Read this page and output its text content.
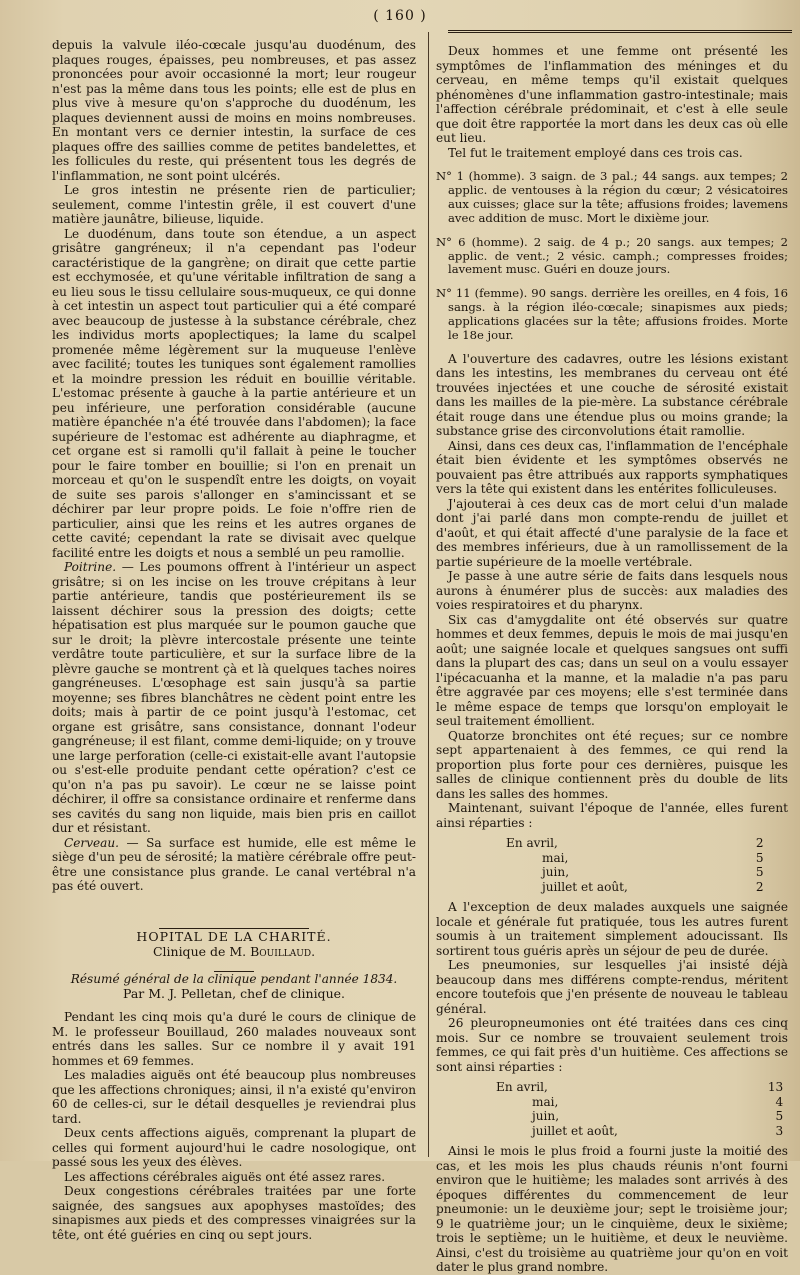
( 160 )

depuis la valvule iléo-cœcale jusqu'au duodénum, des plaques rouges, épaisses, peu nombreuses, et pas assez prononcées pour avoir occasionné la mort; leur rougeur n'est pas la même dans tous les points; elle est de plus en plus vive à mesure qu'on s'approche du duodénum, les plaques deviennent aussi de moins en moins nombreuses. En montant vers ce dernier intestin, la surface de ces plaques offre des saillies comme de petites bandelettes, et les follicules du reste, qui présentent tous les degrés de l'inflammation, ne sont point ulcérés.

Le gros intestin ne présente rien de particulier; seulement, comme l'intestin grêle, il est couvert d'une matière jaunâtre, bilieuse, liquide.

Le duodénum, dans toute son étendue, a un aspect grisâtre gangréneux; il n'a cependant pas l'odeur caractéristique de la gangrène; on dirait que cette partie est ecchymosée, et qu'une véritable infiltration de sang a eu lieu sous le tissu cellulaire sous-muqueux, ce qui donne à cet intestin un aspect tout particulier qui a été comparé avec beaucoup de justesse à la substance cérébrale, chez les individus morts apoplectiques; la lame du scalpel promenée même légèrement sur la muqueuse l'enlève avec facilité; toutes les tuniques sont également ramollies et la moindre pression les réduit en bouillie véritable. L'estomac présente à gauche à la partie antérieure et un peu inférieure, une perforation considérable (aucune matière épanchée n'a été trouvée dans l'abdomen); la face supérieure de l'estomac est adhérente au diaphragme, et cet organe est si ramolli qu'il fallait à peine le toucher pour le faire tomber en bouillie; si l'on en prenait un morceau et qu'on le suspendît entre les doigts, on voyait de suite ses parois s'allonger en s'amincissant et se déchirer par leur propre poids. Le foie n'offre rien de particulier, ainsi que les reins et les autres organes de cette cavité; cependant la rate se divisait avec quelque facilité entre les doigts et nous a semblé un peu ramollie.

Poitrine. — Les poumons offrent à l'intérieur un aspect grisâtre; si on les incise on les trouve crépitans à leur partie antérieure, tandis que postérieurement ils se laissent déchirer sous la pression des doigts; cette hépatisation est plus marquée sur le poumon gauche que sur le droit; la plèvre intercostale présente une teinte verdâtre toute particulière, et sur la surface libre de la plèvre gauche se montrent çà et là quelques taches noires gangréneuses. L'œsophage est sain jusqu'à sa partie moyenne; ses fibres blanchâtres ne cèdent point entre les doits; mais à partir de ce point jusqu'à l'estomac, cet organe est grisâtre, sans consistance, donnant l'odeur gangréneuse; il est filant, comme demi-liquide; on y trouve une large perforation (celle-ci existait-elle avant l'autopsie ou s'est-elle produite pendant cette opération? c'est ce qu'on n'a pas pu savoir). Le cœur ne se laisse point déchirer, il offre sa consistance ordinaire et renferme dans ses cavités du sang non liquide, mais bien pris en caillot dur et résistant.

Cerveau. — Sa surface est humide, elle est même le siège d'un peu de sérosité; la matière cérébrale offre peut-être une consistance plus grande. Le canal vertébral n'a pas été ouvert.

HOPITAL DE LA CHARITÉ.

Clinique de M. Bouillaud.

Résumé général de la clinique pendant l'année 1834.

Par M. J. Pelletan, chef de clinique.

Pendant les cinq mois qu'a duré le cours de clinique de M. le professeur Bouillaud, 260 malades nouveaux sont entrés dans les salles. Sur ce nombre il y avait 191 hommes et 69 femmes.

Les maladies aiguës ont été beaucoup plus nombreuses que les affections chroniques; ainsi, il n'a existé qu'environ 60 de celles-ci, sur le détail desquelles je reviendrai plus tard.

Deux cents affections aiguës, comprenant la plupart de celles qui forment aujourd'hui le cadre nosologique, ont passé sous les yeux des élèves.

Les affections cérébrales aiguës ont été assez rares.

Deux congestions cérébrales traitées par une forte saignée, des sangsues aux apophyses mastoïdes; des sinapismes aux pieds et des compresses vinaigrées sur la tête, ont été guéries en cinq ou sept jours.

Deux hommes et une femme ont présenté les symptômes de l'inflammation des méninges et du cerveau, en même temps qu'il existait quelques phénomènes d'une inflammation gastro-intestinale; mais l'affection cérébrale prédominait, et c'est à elle seule que doit être rapportée la mort dans les deux cas où elle eut lieu.

Tel fut le traitement employé dans ces trois cas.

N° 1 (homme). 3 saign. de 3 pal.; 44 sangs. aux tempes; 2 applic. de ventouses à la région du cœur; 2 vésicatoires aux cuisses; glace sur la tête; affusions froides; lavemens avec addition de musc. Mort le dixième jour.
N° 6 (homme). 2 saig. de 4 p.; 20 sangs. aux tempes; 2 applic. de vent.; 2 vésic. camph.; compresses froides; lavement musc. Guéri en douze jours.
N° 11 (femme). 90 sangs. derrière les oreilles, en 4 fois, 16 sangs. à la région iléo-cœcale; sinapismes aux pieds; applications glacées sur la tête; affusions froides. Morte le 18e jour.

A l'ouverture des cadavres, outre les lésions existant dans les intestins, les membranes du cerveau ont été trouvées injectées et une couche de sérosité existait dans les mailles de la pie-mère. La substance cérébrale était rouge dans une étendue plus ou moins grande; la substance grise des circonvolutions était ramollie.

Ainsi, dans ces deux cas, l'inflammation de l'encéphale était bien évidente et les symptômes observés ne pouvaient pas être attribués aux rapports symphatiques vers la tête qui existent dans les entérites folliculeuses.

J'ajouterai à ces deux cas de mort celui d'un malade dont j'ai parlé dans mon compte-rendu de juillet et d'août, et qui était affecté d'une paralysie de la face et des membres inférieurs, due à un ramollissement de la partie supérieure de la moelle vertébrale.

Je passe à une autre série de faits dans lesquels nous aurons à énumérer plus de succès: aux maladies des voies respiratoires et du pharynx.

Six cas d'amygdalite ont été observés sur quatre hommes et deux femmes, depuis le mois de mai jusqu'en août; une saignée locale et quelques sangsues ont suffi dans la plupart des cas; dans un seul on a voulu essayer l'ipécacuanha et la manne, et la maladie n'a pas paru être aggravée par ces moyens; elle s'est terminée dans le même espace de temps que lorsqu'on employait le seul traitement émollient.

Quatorze bronchites ont été reçues; sur ce nombre sept appartenaient à des femmes, ce qui rend la proportion plus forte pour ces dernières, puisque les salles de clinique contiennent près du double de lits dans les salles des hommes.

Maintenant, suivant l'époque de l'année, elles furent ainsi réparties :

En avril,	2
mai,	5
juin,	5
juillet et août,	2

A l'exception de deux malades auxquels une saignée locale et générale fut pratiquée, tous les autres furent soumis à un traitement simplement adoucissant. Ils sortirent tous guéris après un séjour de peu de durée.

Les pneumonies, sur lesquelles j'ai insisté déjà beaucoup dans mes différens compte-rendus, méritent encore toutefois que j'en présente de nouveau le tableau général.

26 pleuropneumonies ont été traitées dans ces cinq mois. Sur ce nombre se trouvaient seulement trois femmes, ce qui fait près d'un huitième. Ces affections se sont ainsi réparties :

En avril,	13
mai,	4
juin,	5
juillet et août,	3

Ainsi le mois le plus froid a fourni juste la moitié des cas, et les mois les plus chauds réunis n'ont fourni environ que le huitième; les malades sont arrivés à des époques différentes du commencement de leur pneumonie: un le deuxième jour; sept le troisième jour; 9 le quatrième jour; un le cinquième, deux le sixième; trois le septième; un le huitième, et deux le neuvième. Ainsi, c'est du troisième au quatrième jour qu'on en voit dater le plus grand nombre.
